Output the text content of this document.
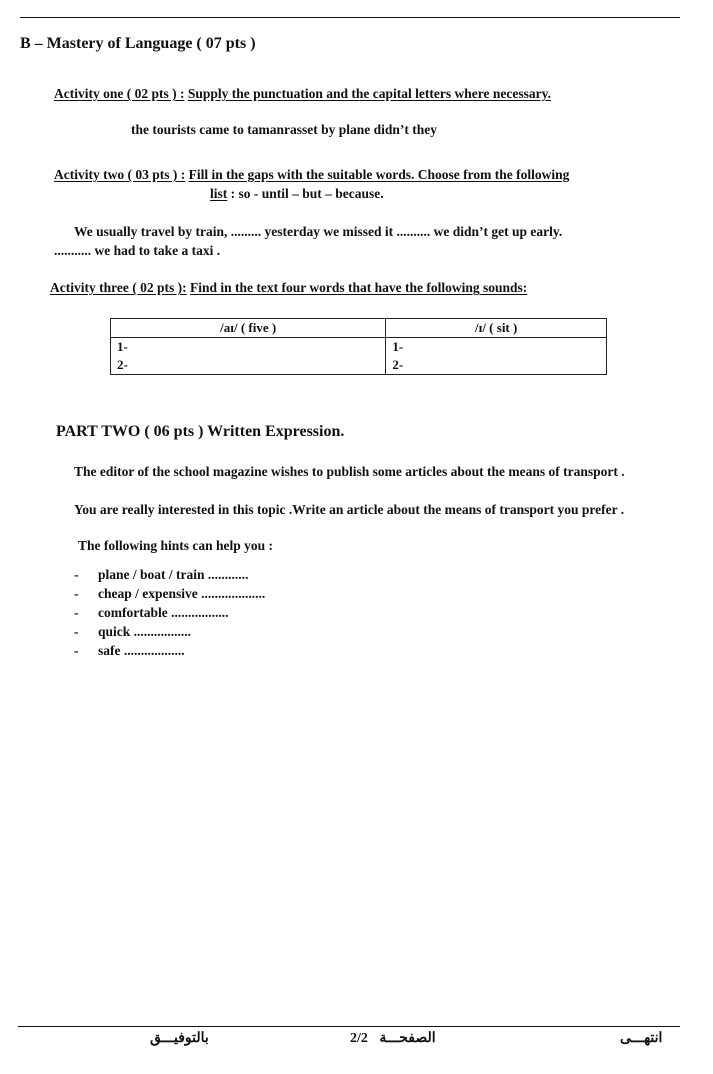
B – Mastery of Language ( 07 pts )
Activity one ( 02 pts ) : Supply the punctuation and the capital letters where necessary.
the tourists came to tamanrasset by plane didn’t they
Activity two ( 03 pts ) : Fill in the gaps with the suitable words. Choose from the following
list : so - until – but – because.
We usually travel by train, ......... yesterday we missed it .......... we didn’t get up early.
........... we had to take a taxi .
Activity three ( 02 pts ): Find in the text four words that have the following sounds:
/aɪ/ ( five )	/ɪ/ ( sit )
1-	1-
2-	2-
PART TWO ( 06 pts ) Written Expression.

The editor of the school magazine wishes to publish some articles about the means of transport .

You are really interested in this topic .Write an article about the means of transport you prefer .

The following hints can help you :
- plane / boat / train ............
- cheap / expensive ...................
- comfortable .................
- quick .................
- safe ..................
بالتوفيـــق	2/2 الصفحـــة	انتهـــى
